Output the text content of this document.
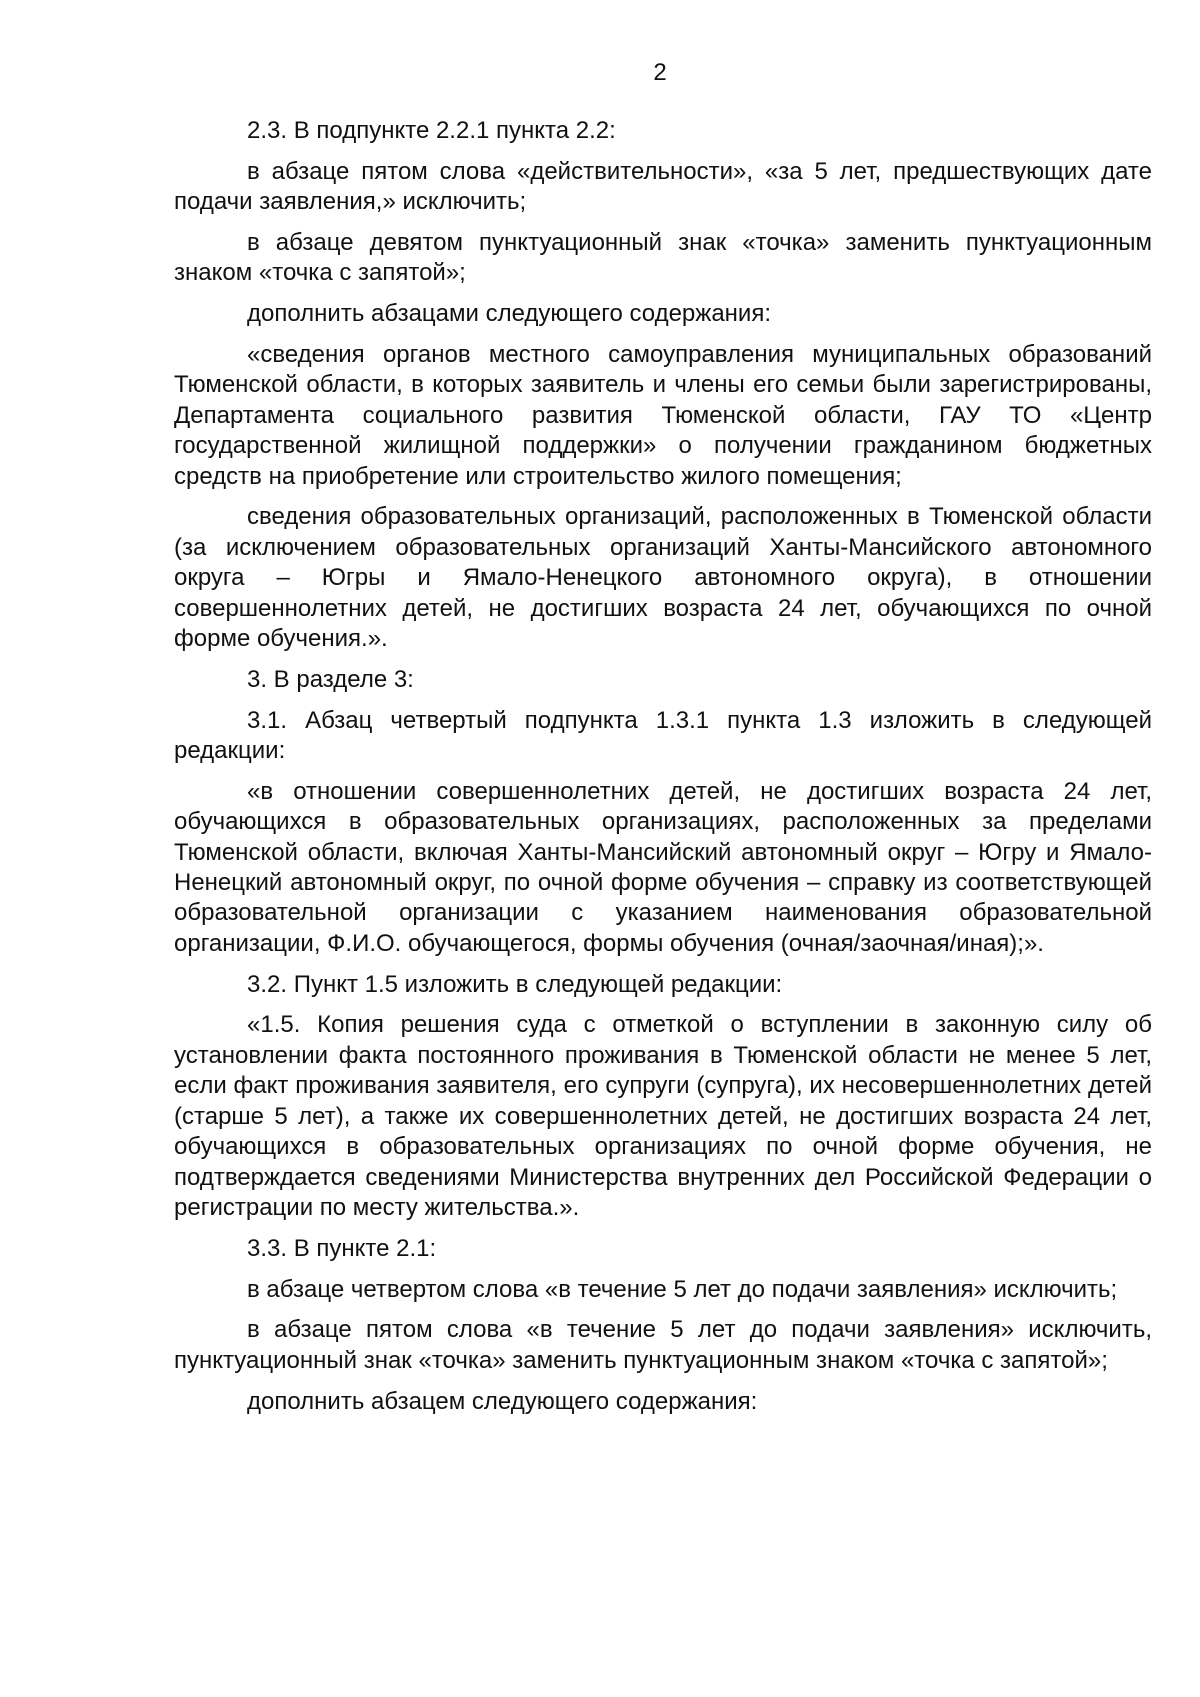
2

2.3. В подпункте 2.2.1 пункта 2.2:

в абзаце пятом слова «действительности», «за 5 лет, предшествующих дате подачи заявления,» исключить;

в абзаце девятом пунктуационный знак «точка» заменить пунктуационным знаком «точка с запятой»;

дополнить абзацами следующего содержания:

«сведения органов местного самоуправления муниципальных образований Тюменской области, в которых заявитель и члены его семьи были зарегистрированы, Департамента социального развития Тюменской области, ГАУ ТО «Центр государственной жилищной поддержки» о получении гражданином бюджетных средств на приобретение или строительство жилого помещения;

сведения образовательных организаций, расположенных в Тюменской области (за исключением образовательных организаций Ханты-Мансийского автономного округа – Югры и Ямало-Ненецкого автономного округа), в отношении совершеннолетних детей, не достигших возраста 24 лет, обучающихся по очной форме обучения.».

3. В разделе 3:

3.1. Абзац четвертый подпункта 1.3.1 пункта 1.3 изложить в следующей редакции:

«в отношении совершеннолетних детей, не достигших возраста 24 лет, обучающихся в образовательных организациях, расположенных за пределами Тюменской области, включая Ханты-Мансийский автономный округ – Югру и Ямало-Ненецкий автономный округ, по очной форме обучения – справку из соответствующей образовательной организации с указанием наименования образовательной организации, Ф.И.О. обучающегося, формы обучения (очная/заочная/иная);».

3.2. Пункт 1.5 изложить в следующей редакции:

«1.5. Копия решения суда с отметкой о вступлении в законную силу об установлении факта постоянного проживания в Тюменской области не менее 5 лет, если факт проживания заявителя, его супруги (супруга), их несовершеннолетних детей (старше 5 лет), а также их совершеннолетних детей, не достигших возраста 24 лет, обучающихся в образовательных организациях по очной форме обучения, не подтверждается сведениями Министерства внутренних дел Российской Федерации о регистрации по месту жительства.».

3.3. В пункте 2.1:

в абзаце четвертом слова «в течение 5 лет до подачи заявления» исключить;

в абзаце пятом слова «в течение 5 лет до подачи заявления» исключить, пунктуационный знак «точка» заменить пунктуационным знаком «точка с запятой»;

дополнить абзацем следующего содержания:
